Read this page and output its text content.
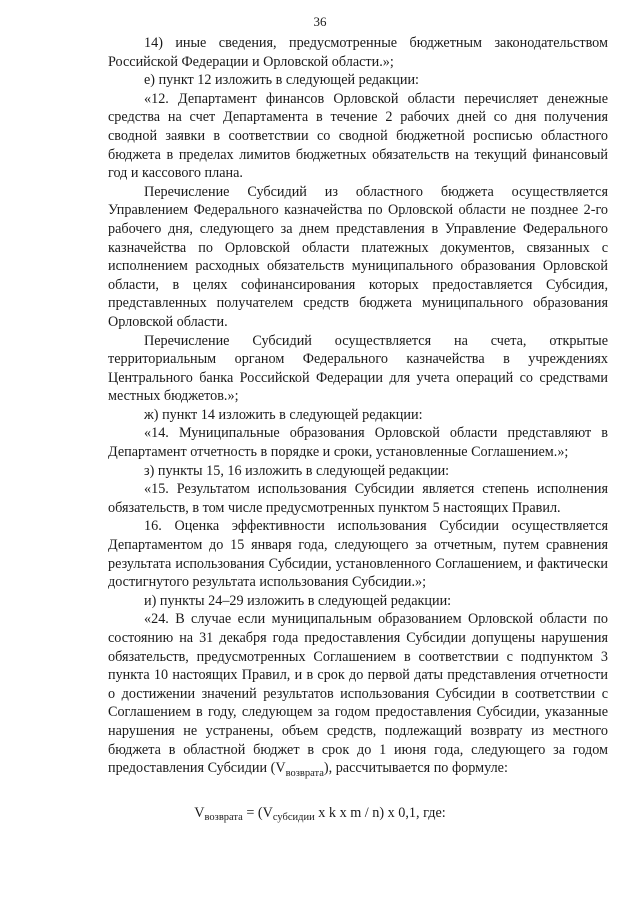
36

14) иные сведения, предусмотренные бюджетным законодательством Российской Федерации и Орловской области.»;

е) пункт 12 изложить в следующей редакции:

«12. Департамент финансов Орловской области перечисляет денежные средства на счет Департамента в течение 2 рабочих дней со дня получения сводной заявки в соответствии со сводной бюджетной росписью областного бюджета в пределах лимитов бюджетных обязательств на текущий финансовый год и кассового плана.

Перечисление Субсидий из областного бюджета осуществляется Управлением Федерального казначейства по Орловской области не позднее 2-го рабочего дня, следующего за днем представления в Управление Федерального казначейства по Орловской области платежных документов, связанных с исполнением расходных обязательств муниципального образования Орловской области, в целях софинансирования которых предоставляется Субсидия, представленных получателем средств бюджета муниципального образования Орловской области.

Перечисление Субсидий осуществляется на счета, открытые территориальным органом Федерального казначейства в учреждениях Центрального банка Российской Федерации для учета операций со средствами местных бюджетов.»;

ж) пункт 14 изложить в следующей редакции:

«14. Муниципальные образования Орловской области представляют в Департамент отчетность в порядке и сроки, установленные Соглашением.»;

з) пункты 15, 16 изложить в следующей редакции:

«15. Результатом использования Субсидии является степень исполнения обязательств, в том числе предусмотренных пунктом 5 настоящих Правил.

16. Оценка эффективности использования Субсидии осуществляется Департаментом до 15 января года, следующего за отчетным, путем сравнения результата использования Субсидии, установленного Соглашением, и фактически достигнутого результата использования Субсидии.»;

и) пункты 24–29 изложить в следующей редакции:

«24. В случае если муниципальным образованием Орловской области по состоянию на 31 декабря года предоставления Субсидии допущены нарушения обязательств, предусмотренных Соглашением в соответствии с подпунктом 3 пункта 10 настоящих Правил, и в срок до первой даты представления отчетности о достижении значений результатов использования Субсидии в соответствии с Соглашением в году, следующем за годом предоставления Субсидии, указанные нарушения не устранены, объем средств, подлежащий возврату из местного бюджета в областной бюджет в срок до 1 июня года, следующего за годом предоставления Субсидии $(V_{возврата})$, рассчитывается по формуле:

$V_{возврата} = (V_{субсидии}$ x k x m / n) x 0,1, где:
